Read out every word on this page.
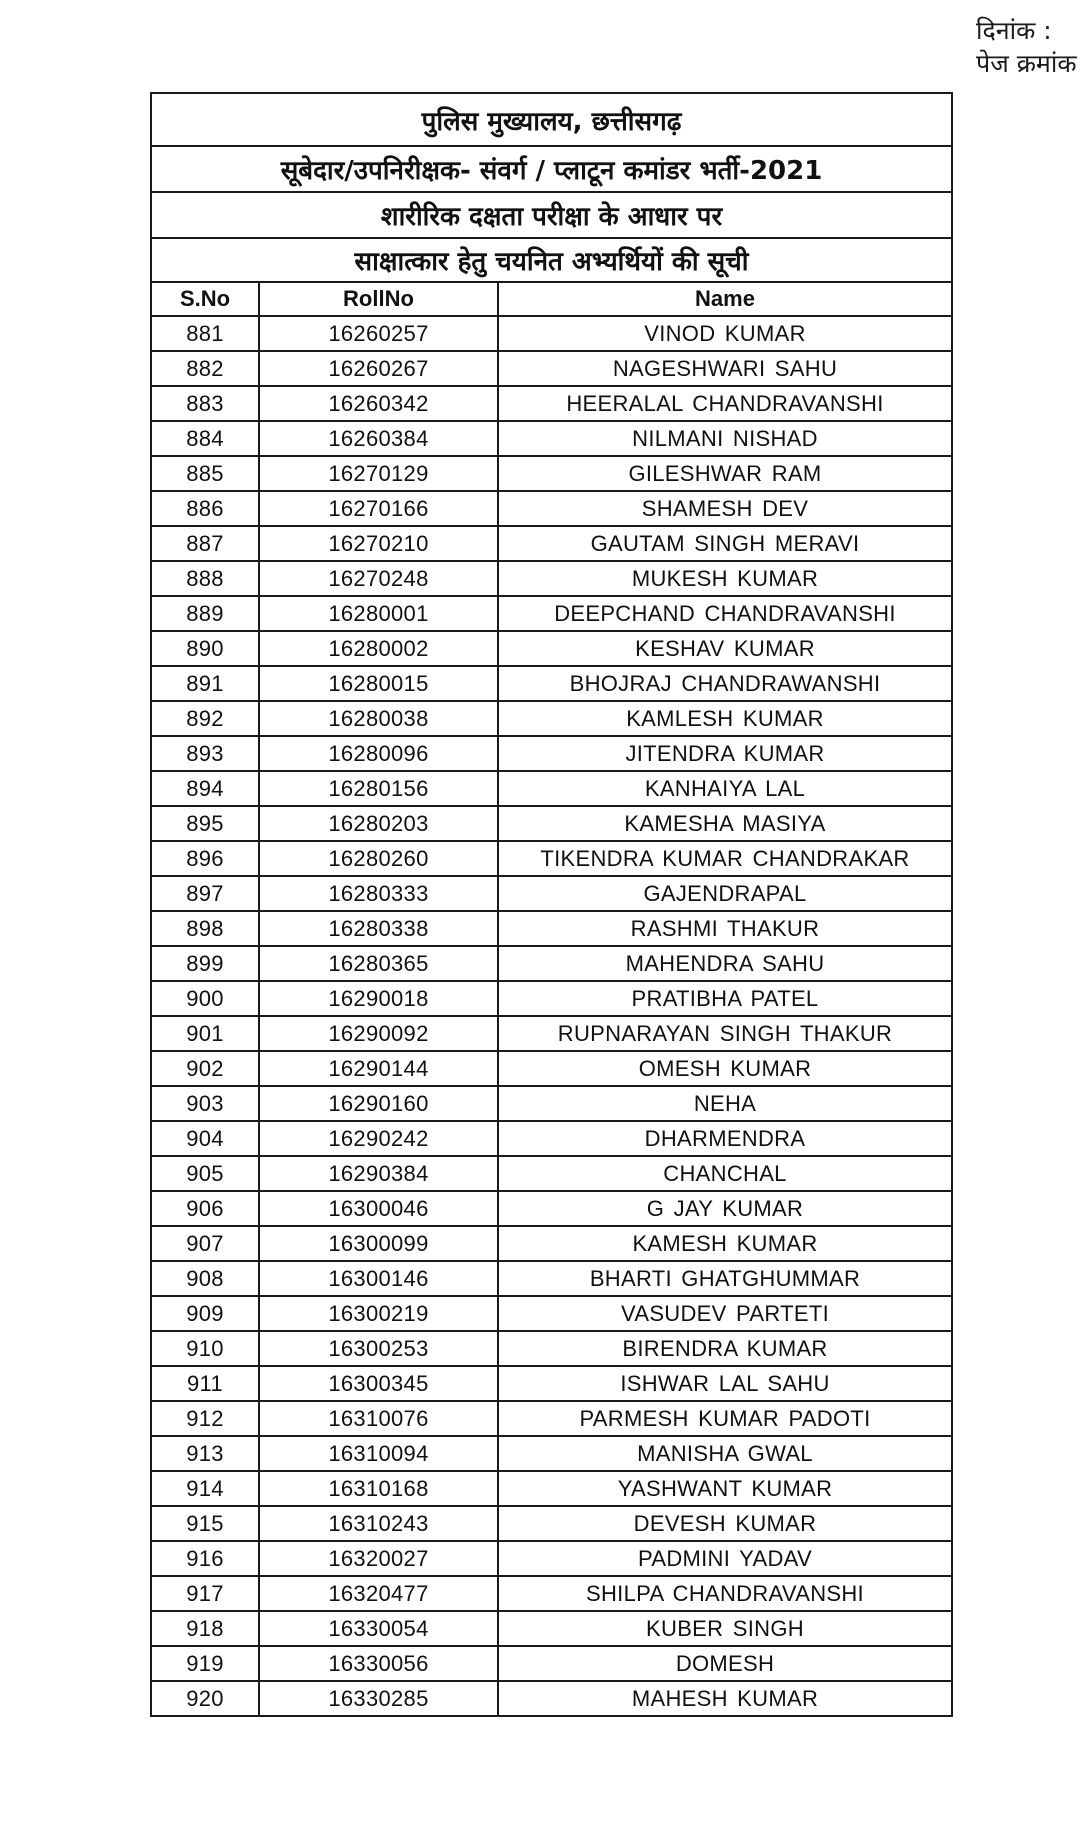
दिनांक :
पेज क्रमांक
पुलिस मुख्यालय, छत्तीसगढ़		
सूबेदार/उपनिरीक्षक- संवर्ग / प्लाटून कमांडर भर्ती-2021		
शारीरिक दक्षता परीक्षा के आधार पर		
साक्षात्कार हेतु चयनित अभ्यर्थियों की सूची		
S.No	RollNo	Name
881	16260257	VINOD KUMAR
882	16260267	NAGESHWARI SAHU
883	16260342	HEERALAL CHANDRAVANSHI
884	16260384	NILMANI NISHAD
885	16270129	GILESHWAR RAM
886	16270166	SHAMESH DEV
887	16270210	GAUTAM SINGH MERAVI
888	16270248	MUKESH KUMAR
889	16280001	DEEPCHAND CHANDRAVANSHI
890	16280002	KESHAV KUMAR
891	16280015	BHOJRAJ CHANDRAWANSHI
892	16280038	KAMLESH KUMAR
893	16280096	JITENDRA KUMAR
894	16280156	KANHAIYA LAL
895	16280203	KAMESHA MASIYA
896	16280260	TIKENDRA KUMAR CHANDRAKAR
897	16280333	GAJENDRAPAL
898	16280338	RASHMI THAKUR
899	16280365	MAHENDRA SAHU
900	16290018	PRATIBHA PATEL
901	16290092	RUPNARAYAN SINGH THAKUR
902	16290144	OMESH KUMAR
903	16290160	NEHA
904	16290242	DHARMENDRA
905	16290384	CHANCHAL
906	16300046	G JAY KUMAR
907	16300099	KAMESH KUMAR
908	16300146	BHARTI GHATGHUMMAR
909	16300219	VASUDEV PARTETI
910	16300253	BIRENDRA KUMAR
911	16300345	ISHWAR LAL SAHU
912	16310076	PARMESH KUMAR PADOTI
913	16310094	MANISHA GWAL
914	16310168	YASHWANT KUMAR
915	16310243	DEVESH KUMAR
916	16320027	PADMINI YADAV
917	16320477	SHILPA CHANDRAVANSHI
918	16330054	KUBER SINGH
919	16330056	DOMESH
920	16330285	MAHESH KUMAR
